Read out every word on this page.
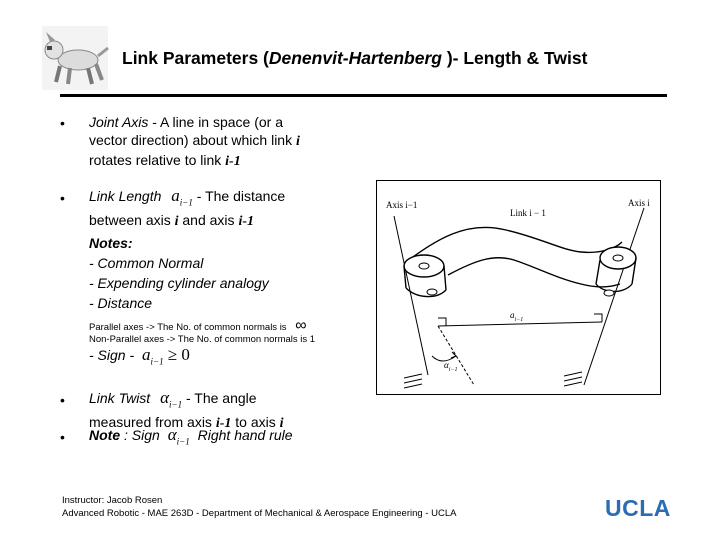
Link Parameters (Denenvit-Hartenberg )- Length & Twist
• Joint Axis - A line in space (or a
vector direction) about which link i
rotates relative to link i-1
• Link Length $a_{i-1}$ - The distance
between axis i and axis i-1
Notes:
- Common Normal
- Expending cylinder analogy
- Distance
Parallel axes -> The No. of common normals is ∞
Non-Parallel axes -> The No. of common normals is 1
- Sign - $a_{i-1} \ge 0$
• Link Twist $\alpha_{i-1}$ - The angle
measured from axis i-1 to axis i
• Note : Sign $\alpha_{i-1}$ Right hand rule
Axis i−1
Link i − 1
Axis i
$a_{i-1}$
$\alpha_{i-1}$
Instructor: Jacob Rosen
Advanced Robotic - MAE 263D - Department of Mechanical & Aerospace Engineering - UCLA	UCLA
